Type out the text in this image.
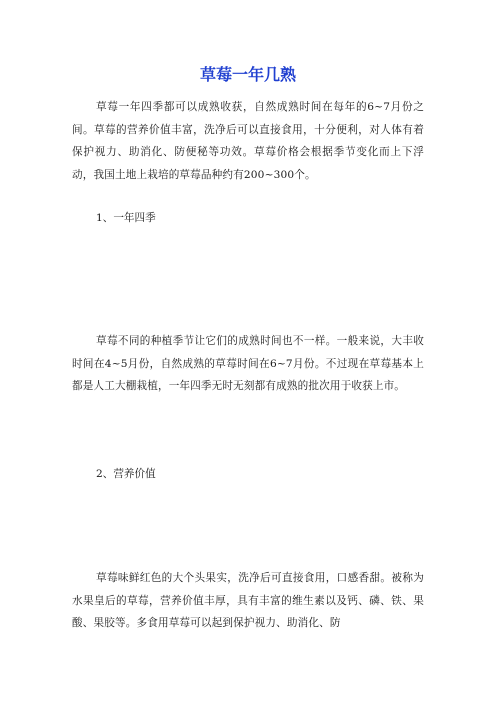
草莓一年几熟

草莓一年四季都可以成熟收获，自然成熟时间在每年的6~7月份之间。草莓的营养价值丰富，洗净后可以直接食用，十分便利，对人体有着保护视力、助消化、防便秘等功效。草莓价格会根据季节变化而上下浮动，我国土地上栽培的草莓品种约有200~300个。

1、一年四季

草莓不同的种植季节让它们的成熟时间也不一样。一般来说，大丰收时间在4~5月份，自然成熟的草莓时间在6~7月份。不过现在草莓基本上都是人工大棚栽植，一年四季无时无刻都有成熟的批次用于收获上市。

2、营养价值

草莓味鲜红色的大个头果实，洗净后可直接食用，口感香甜。被称为水果皇后的草莓，营养价值丰厚，具有丰富的维生素以及钙、磷、铁、果酸、果胶等。多食用草莓可以起到保护视力、助消化、防
